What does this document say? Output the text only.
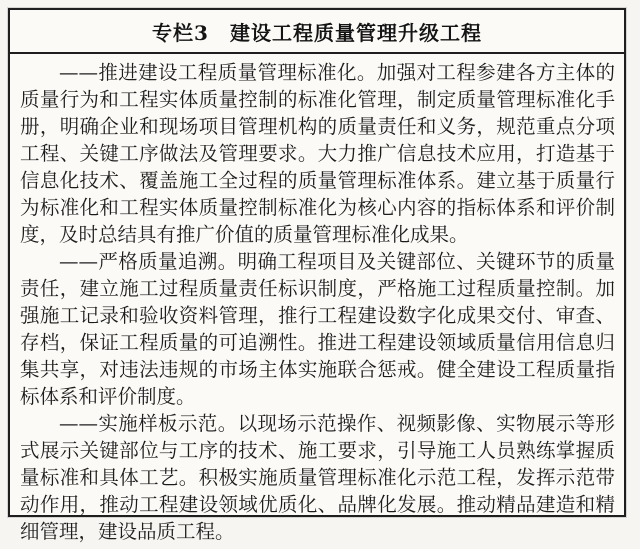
专栏3　建设工程质量管理升级工程

——推进建设工程质量管理标准化。加强对工程参建各方主体的质量行为和工程实体质量控制的标准化管理，制定质量管理标准化手册，明确企业和现场项目管理机构的质量责任和义务，规范重点分项工程、关键工序做法及管理要求。大力推广信息技术应用，打造基于信息化技术、覆盖施工全过程的质量管理标准体系。建立基于质量行为标准化和工程实体质量控制标准化为核心内容的指标体系和评价制度，及时总结具有推广价值的质量管理标准化成果。

——严格质量追溯。明确工程项目及关键部位、关键环节的质量责任，建立施工过程质量责任标识制度，严格施工过程质量控制。加强施工记录和验收资料管理，推行工程建设数字化成果交付、审查、存档，保证工程质量的可追溯性。推进工程建设领域质量信用信息归集共享，对违法违规的市场主体实施联合惩戒。健全建设工程质量指标体系和评价制度。

——实施样板示范。以现场示范操作、视频影像、实物展示等形式展示关键部位与工序的技术、施工要求，引导施工人员熟练掌握质量标准和具体工艺。积极实施质量管理标准化示范工程，发挥示范带动作用，推动工程建设领域优质化、品牌化发展。推动精品建造和精细管理，建设品质工程。
